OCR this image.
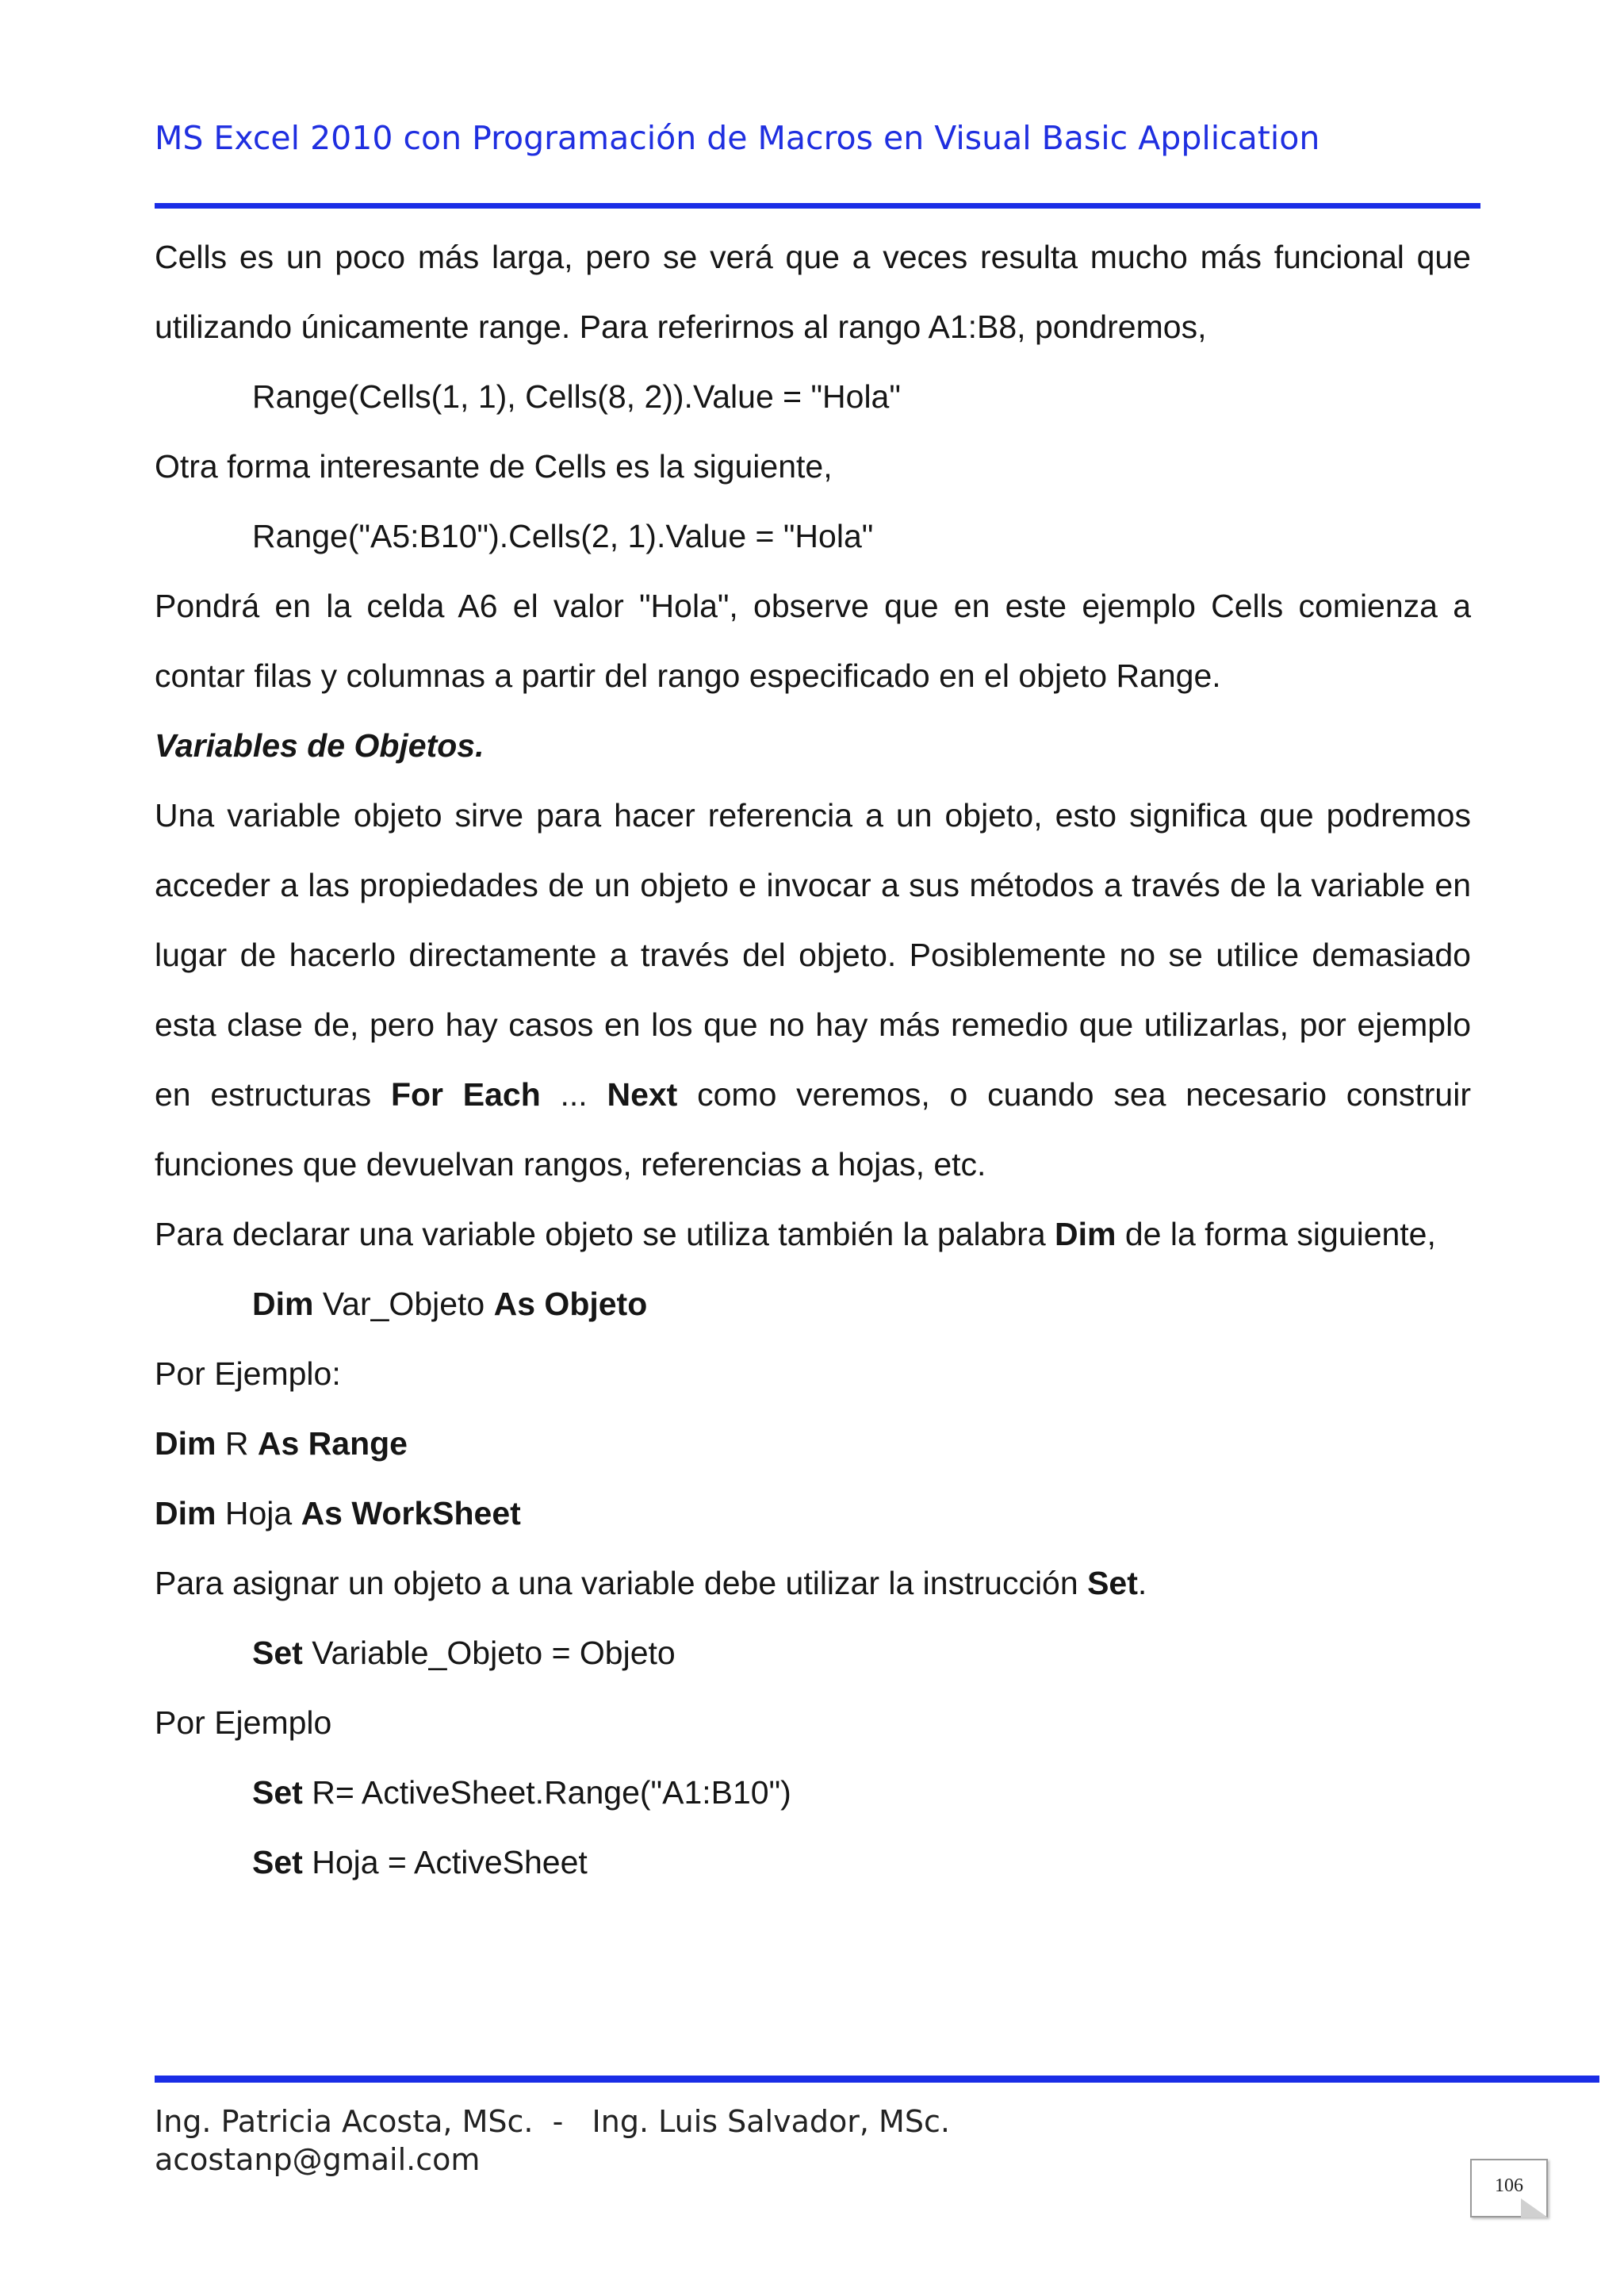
MS Excel 2010 con Programación de Macros en Visual Basic Application

Cells es un poco más larga, pero se verá que a veces resulta mucho más funcional que utilizando únicamente range. Para referirnos al rango A1:B8, pondremos,

Range(Cells(1, 1), Cells(8, 2)).Value = "Hola"

Otra forma interesante de Cells es la siguiente,

Range("A5:B10").Cells(2, 1).Value = "Hola"

Pondrá en la celda A6 el valor "Hola", observe que en este ejemplo Cells comienza a contar filas y columnas a partir del rango especificado en el objeto Range.

Variables de Objetos.

Una variable objeto sirve para hacer referencia a un objeto, esto significa que podremos acceder a las propiedades de un objeto e invocar a sus métodos a través de la variable en lugar de hacerlo directamente a través del objeto. Posiblemente no se utilice demasiado esta clase de, pero hay casos en los que no hay más remedio que utilizarlas, por ejemplo en estructuras For Each ... Next como veremos, o cuando sea necesario construir funciones que devuelvan rangos, referencias a hojas, etc.

Para declarar una variable objeto se utiliza también la palabra Dim de la forma siguiente,

Dim Var_Objeto As Objeto

Por Ejemplo:

Dim R As Range

Dim Hoja As WorkSheet

Para asignar un objeto a una variable debe utilizar la instrucción Set.

Set Variable_Objeto = Objeto

Por Ejemplo

Set R= ActiveSheet.Range("A1:B10")

Set Hoja = ActiveSheet

Ing. Patricia Acosta, MSc.  -   Ing. Luis Salvador, MSc.
acostanp@gmail.com
106
